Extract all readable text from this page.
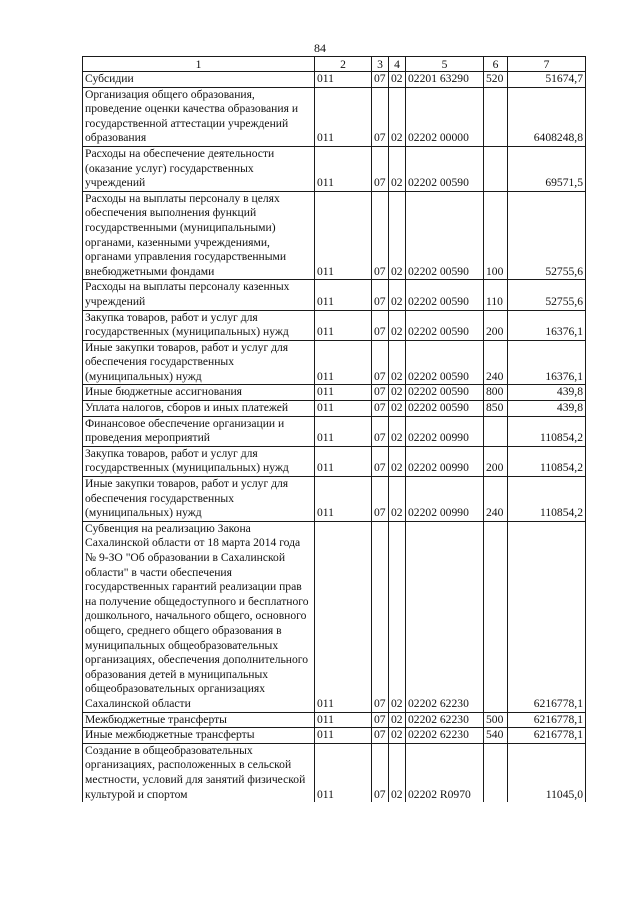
84
1	2	3	4	5	6	7
Субсидии	011	07	02	02201 63290	520	51674,7
Организация общего образования, проведение оценки качества образования и государственной аттестации учреждений образования	011	07	02	02202 00000		6408248,8
Расходы на обеспечение деятельности (оказание услуг) государственных учреждений	011	07	02	02202 00590		69571,5
Расходы на выплаты персоналу в целях обеспечения выполнения функций государственными (муниципальными) органами, казенными учреждениями, органами управления государственными внебюджетными фондами	011	07	02	02202 00590	100	52755,6
Расходы на выплаты персоналу казенных учреждений	011	07	02	02202 00590	110	52755,6
Закупка товаров, работ и услуг для государственных (муниципальных) нужд	011	07	02	02202 00590	200	16376,1
Иные закупки товаров, работ и услуг для обеспечения государственных (муниципальных) нужд	011	07	02	02202 00590	240	16376,1
Иные бюджетные ассигнования	011	07	02	02202 00590	800	439,8
Уплата налогов, сборов и иных платежей	011	07	02	02202 00590	850	439,8
Финансовое обеспечение организации и проведения мероприятий	011	07	02	02202 00990		110854,2
Закупка товаров, работ и услуг для государственных (муниципальных) нужд	011	07	02	02202 00990	200	110854,2
Иные закупки товаров, работ и услуг для обеспечения государственных (муниципальных) нужд	011	07	02	02202 00990	240	110854,2
Субвенция на реализацию Закона Сахалинской области от 18 марта 2014 года № 9-ЗО "Об образовании в Сахалинской области" в части обеспечения государственных гарантий реализации прав на получение общедоступного и бесплатного дошкольного, начального общего, основного общего, среднего общего образования в муниципальных общеобразовательных организациях, обеспечения дополнительного образования детей в муниципальных общеобразовательных организациях Сахалинской области	011	07	02	02202 62230		6216778,1
Межбюджетные трансферты	011	07	02	02202 62230	500	6216778,1
Иные межбюджетные трансферты	011	07	02	02202 62230	540	6216778,1
Создание в общеобразовательных организациях, расположенных в сельской местности, условий для занятий физической культурой и спортом	011	07	02	02202 R0970		11045,0
